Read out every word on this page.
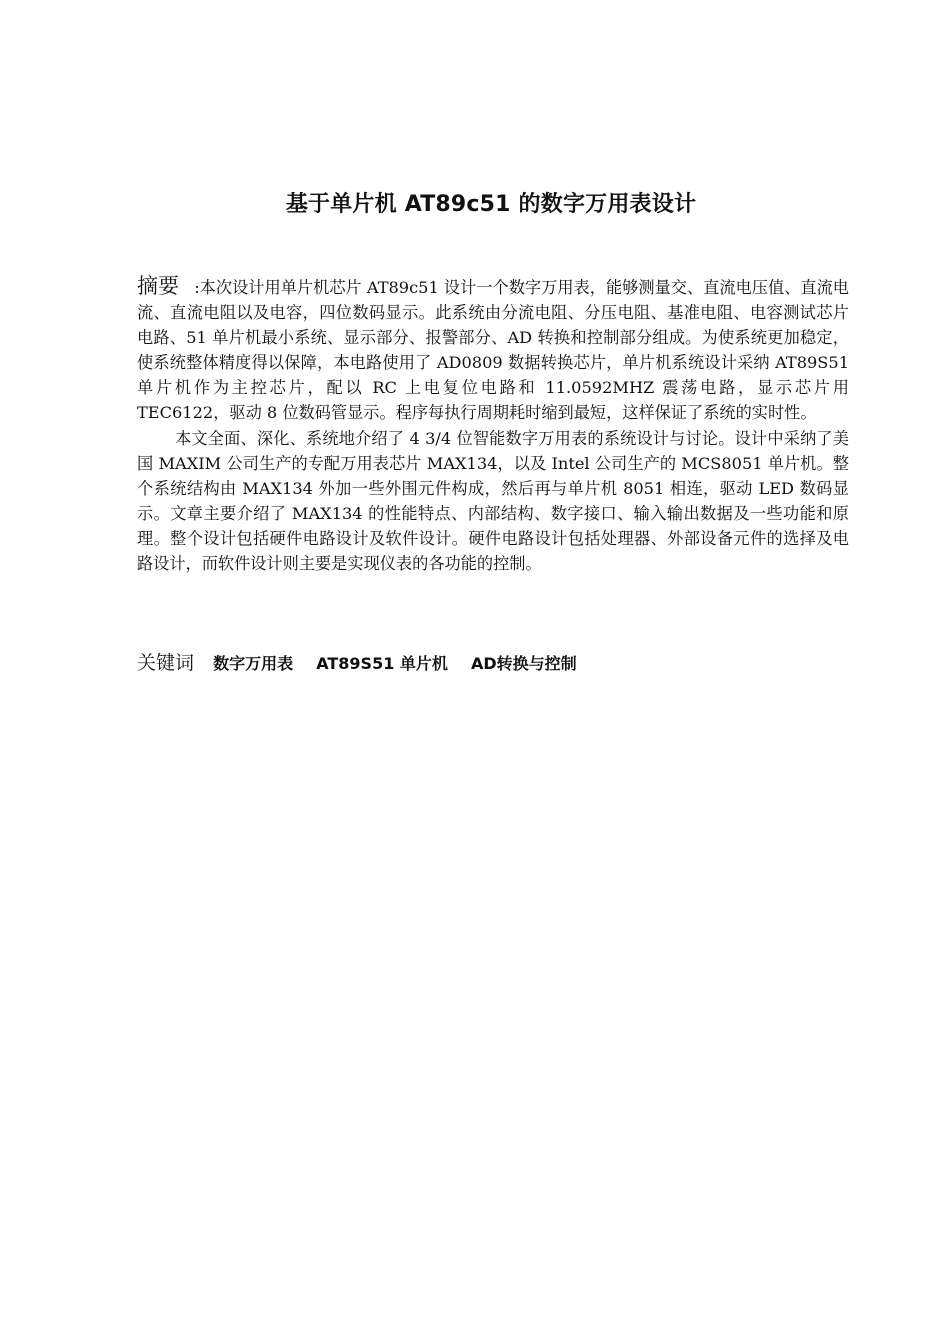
基于单片机 AT89c51 的数字万用表设计

摘要 :本次设计用单片机芯片 AT89c51 设计一个数字万用表，能够测量交、直流电压值、直流电流、直流电阻以及电容，四位数码显示。此系统由分流电阻、分压电阻、基准电阻、电容测试芯片电路、51 单片机最小系统、显示部分、报警部分、AD 转换和控制部分组成。为使系统更加稳定，使系统整体精度得以保障，本电路使用了 AD0809 数据转换芯片，单片机系统设计采纳 AT89S51 单片机作为主控芯片，配以 RC 上电复位电路和 11.0592MHZ 震荡电路，显示芯片用 TEC6122，驱动 8 位数码管显示。程序每执行周期耗时缩到最短，这样保证了系统的实时性。

本文全面、深化、系统地介绍了 4 3/4 位智能数字万用表的系统设计与讨论。设计中采纳了美国 MAXIM 公司生产的专配万用表芯片 MAX134，以及 Intel 公司生产的 MCS8051 单片机。整个系统结构由 MAX134 外加一些外围元件构成，然后再与单片机 8051 相连，驱动 LED 数码显示。文章主要介绍了 MAX134 的性能特点、内部结构、数字接口、输入输出数据及一些功能和原理。整个设计包括硬件电路设计及软件设计。硬件电路设计包括处理器、外部设备元件的选择及电路设计，而软件设计则主要是实现仪表的各功能的控制。

关键词 数字万用表 AT89S51 单片机 AD转换与控制
